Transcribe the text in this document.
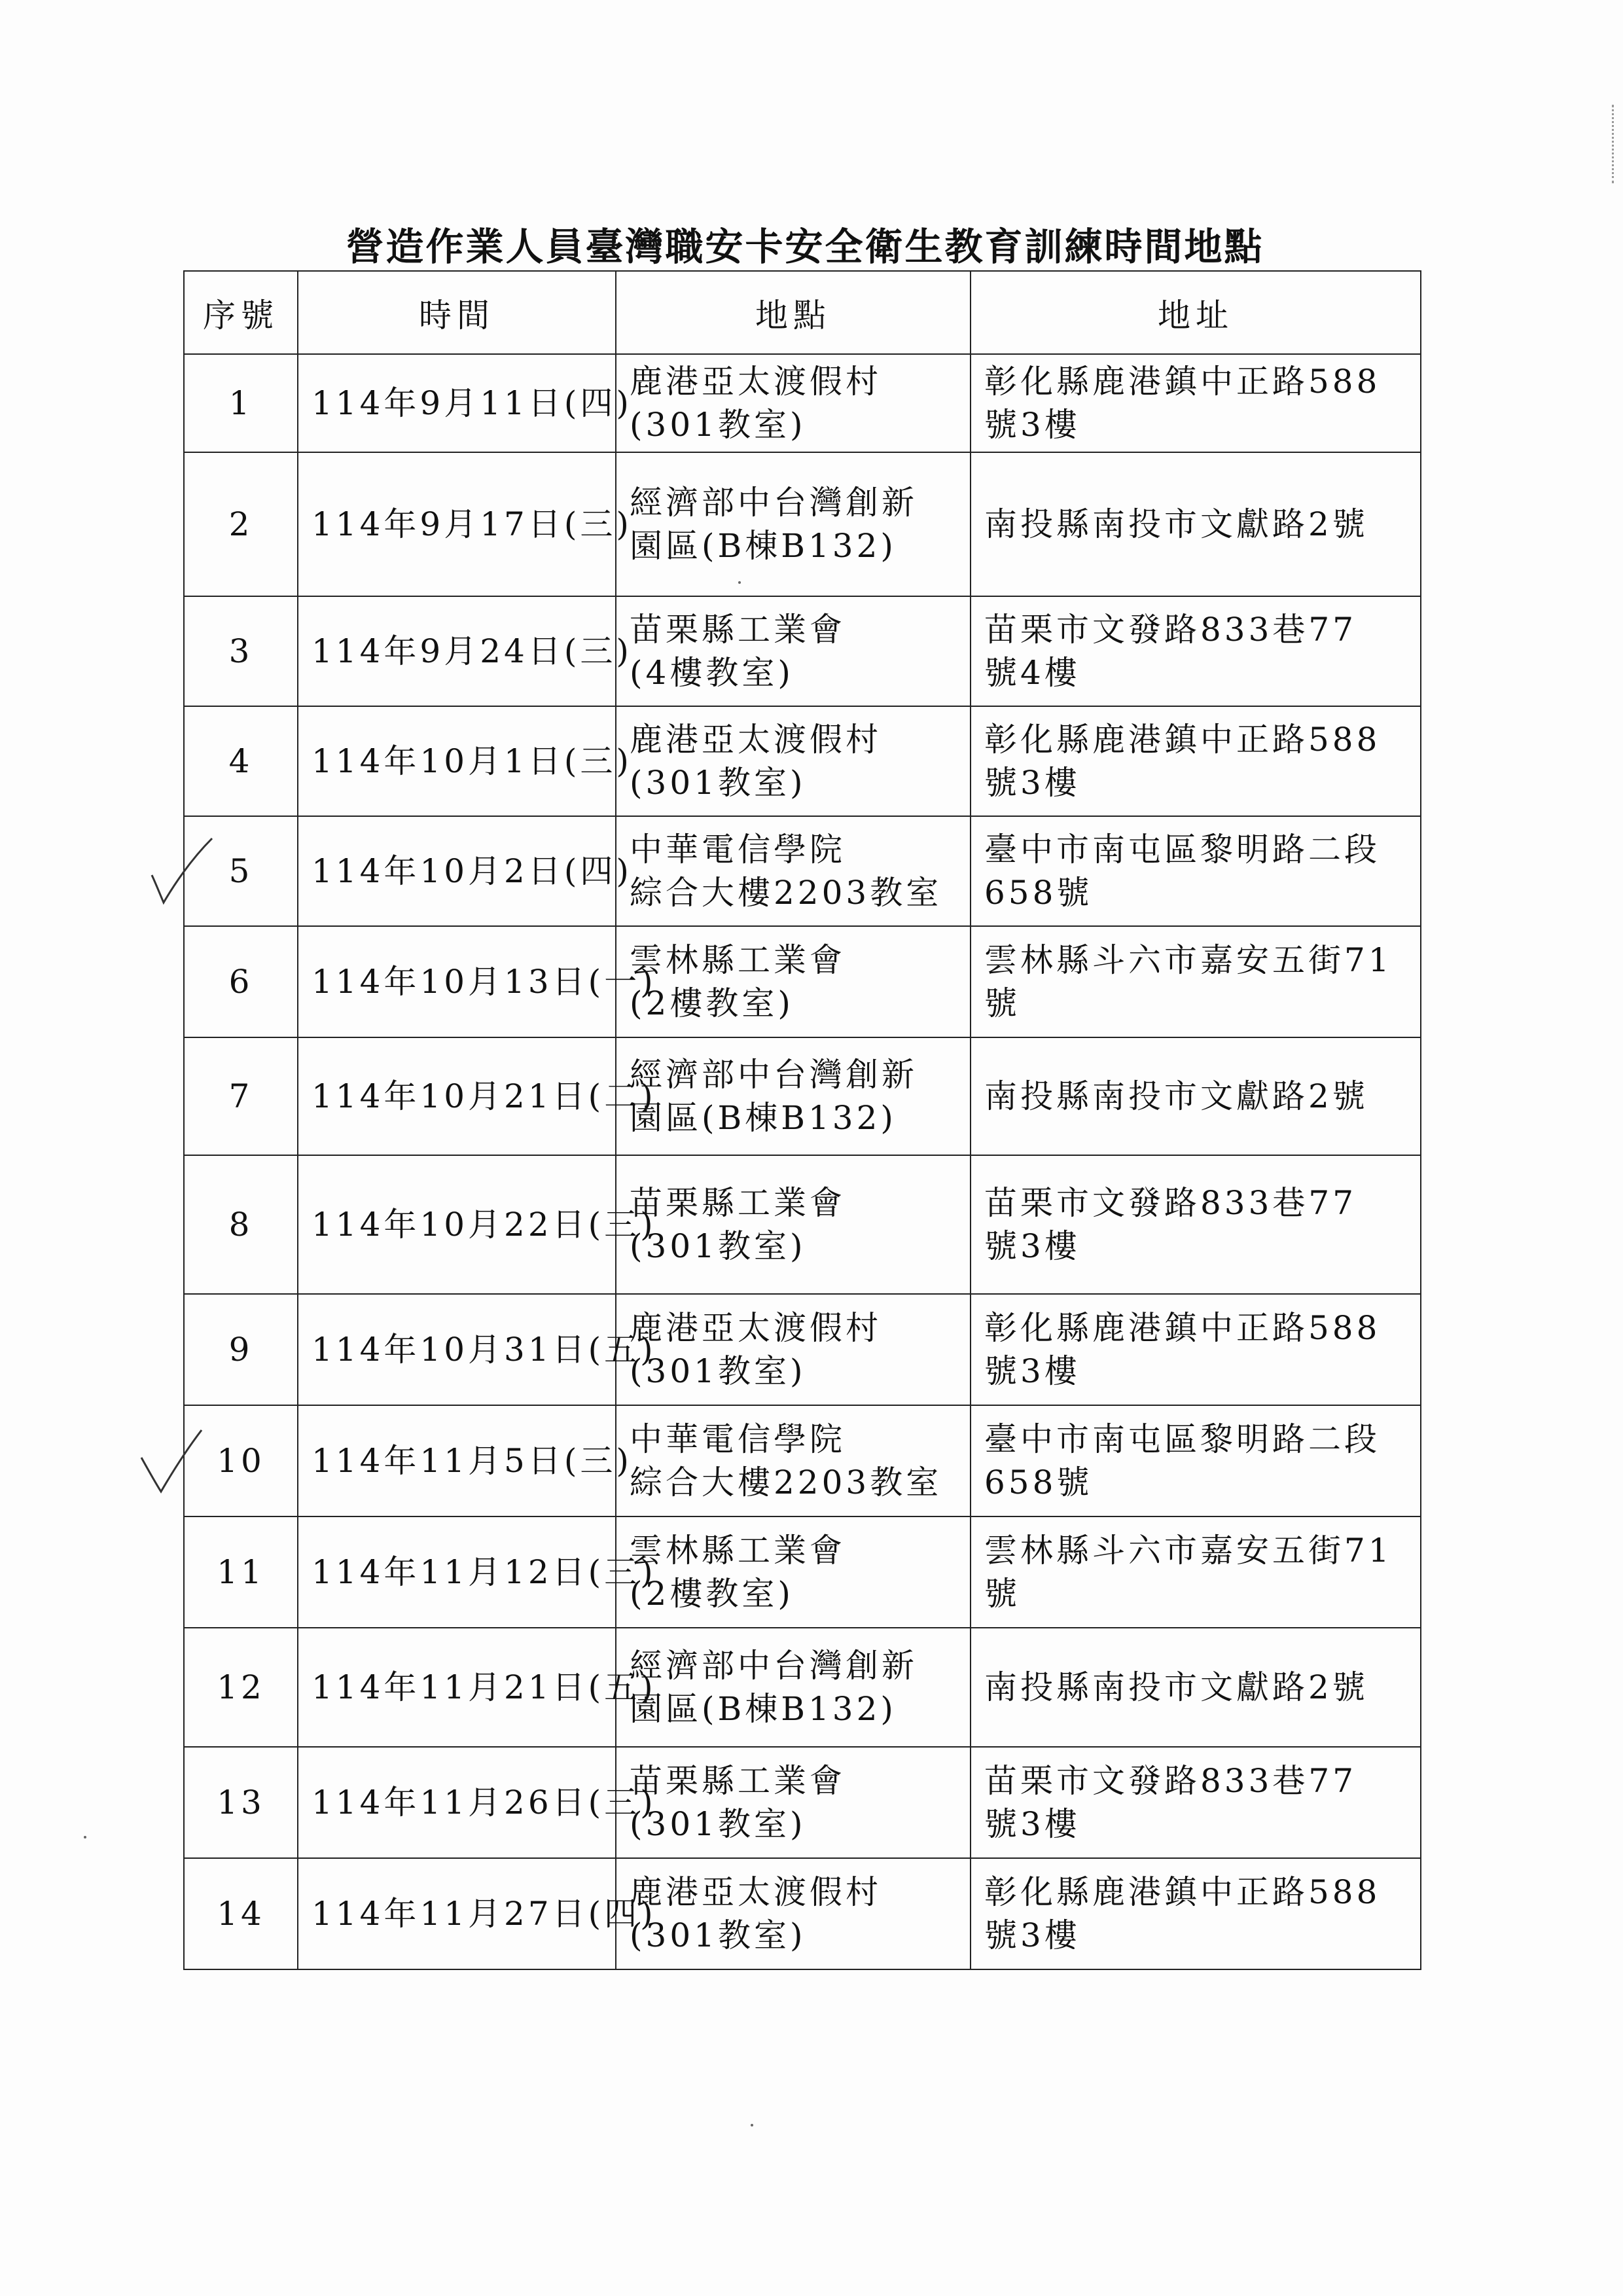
營造作業人員臺灣職安卡安全衛生教育訓練時間地點
序號	時間	地點	地址
1	114年9月11日(四)	鹿港亞太渡假村
(301教室)	彰化縣鹿港鎮中正路588
號3樓

2	114年9月17日(三)	經濟部中台灣創新
園區(B棟B132)	南投縣南投市文獻路2號

3	114年9月24日(三)	苗栗縣工業會
(4樓教室)	苗栗市文發路833巷77
號4樓

4	114年10月1日(三)	鹿港亞太渡假村
(301教室)	彰化縣鹿港鎮中正路588
號3樓

5	114年10月2日(四)	中華電信學院
綜合大樓2203教室	臺中市南屯區黎明路二段
658號

6	114年10月13日(一)	雲林縣工業會
(2樓教室)	雲林縣斗六市嘉安五街71
號

7	114年10月21日(二)	經濟部中台灣創新
園區(B棟B132)	南投縣南投市文獻路2號

8	114年10月22日(三)	苗栗縣工業會
(301教室)	苗栗市文發路833巷77
號3樓

9	114年10月31日(五)	鹿港亞太渡假村
(301教室)	彰化縣鹿港鎮中正路588
號3樓

10	114年11月5日(三)	中華電信學院
綜合大樓2203教室	臺中市南屯區黎明路二段
658號

11	114年11月12日(三)	雲林縣工業會
(2樓教室)	雲林縣斗六市嘉安五街71
號

12	114年11月21日(五)	經濟部中台灣創新
園區(B棟B132)	南投縣南投市文獻路2號

13	114年11月26日(三)	苗栗縣工業會
(301教室)	苗栗市文發路833巷77
號3樓

14	114年11月27日(四)	鹿港亞太渡假村
(301教室)	彰化縣鹿港鎮中正路588
號3樓
